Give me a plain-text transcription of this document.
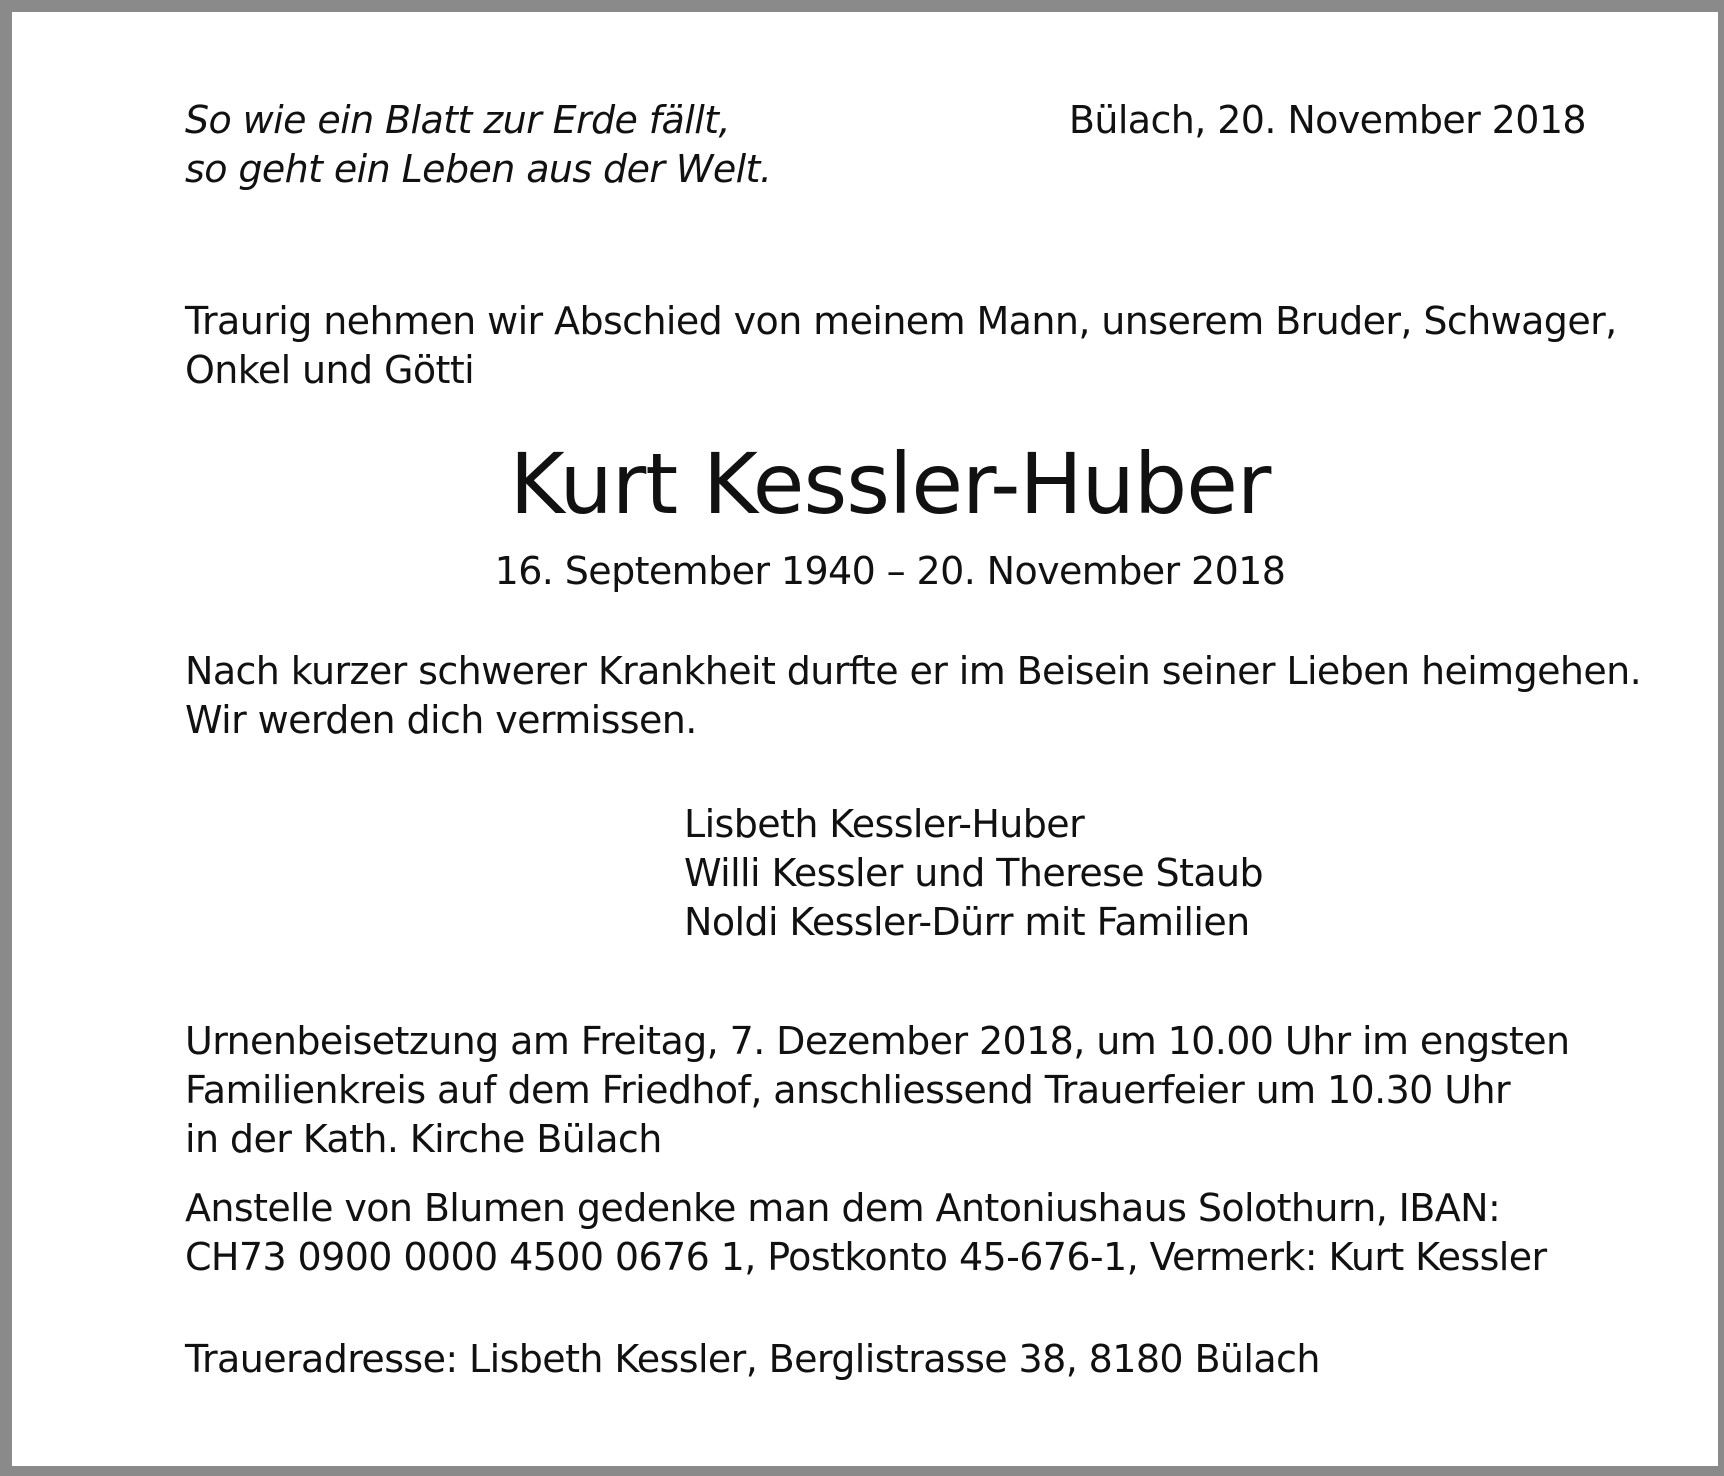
So wie ein Blatt zur Erde fällt,
so geht ein Leben aus der Welt.
Bülach, 20. November 2018
Traurig nehmen wir Abschied von meinem Mann, unserem Bruder, Schwager,
Onkel und Götti
Kurt Kessler-Huber
16. September 1940 – 20. November 2018
Nach kurzer schwerer Krankheit durfte er im Beisein seiner Lieben heimgehen.
Wir werden dich vermissen.
Lisbeth Kessler-Huber
Willi Kessler und Therese Staub
Noldi Kessler-Dürr mit Familien
Urnenbeisetzung am Freitag, 7. Dezember 2018, um 10.00 Uhr im engsten
Familienkreis auf dem Friedhof, anschliessend Trauerfeier um 10.30 Uhr
in der Kath. Kirche Bülach
Anstelle von Blumen gedenke man dem Antoniushaus Solothurn, IBAN:
CH73 0900 0000 4500 0676 1, Postkonto 45-676-1, Vermerk: Kurt Kessler
Traueradresse: Lisbeth Kessler, Berglistrasse 38, 8180 Bülach
